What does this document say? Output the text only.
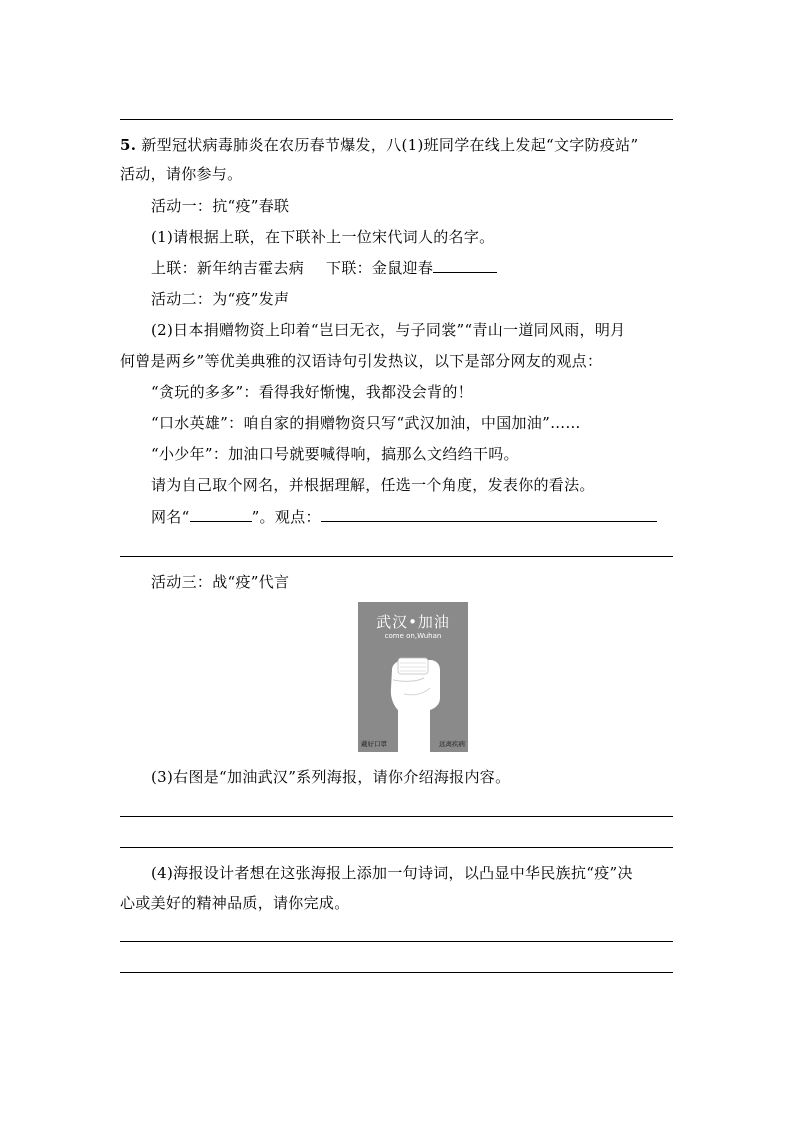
5. 新型冠状病毒肺炎在农历春节爆发，八(1)班同学在线上发起“文字防疫站”
活动，请你参与。
活动一：抗“疫”春联
(1)请根据上联，在下联补上一位宋代词人的名字。
上联：新年纳吉霍去病 下联：金鼠迎春
活动二：为“疫”发声
(2)日本捐赠物资上印着“岂曰无衣，与子同裳”“青山一道同风雨，明月
何曾是两乡”等优美典雅的汉语诗句引发热议，以下是部分网友的观点：
“贪玩的多多”：看得我好惭愧，我都没会背的！
“口水英雄”：咱自家的捐赠物资只写“武汉加油，中国加油”……
“小少年”：加油口号就要喊得响，搞那么文绉绉干吗。
请为自己取个网名，并根据理解，任选一个角度，发表你的看法。
网名“	”。观点：
活动三：战“疫”代言
武汉•加油
come on,Wuhan
戴好口罩	远离疾病
(3)右图是“加油武汉”系列海报，请你介绍海报内容。
(4)海报设计者想在这张海报上添加一句诗词，以凸显中华民族抗“疫”决
心或美好的精神品质，请你完成。
